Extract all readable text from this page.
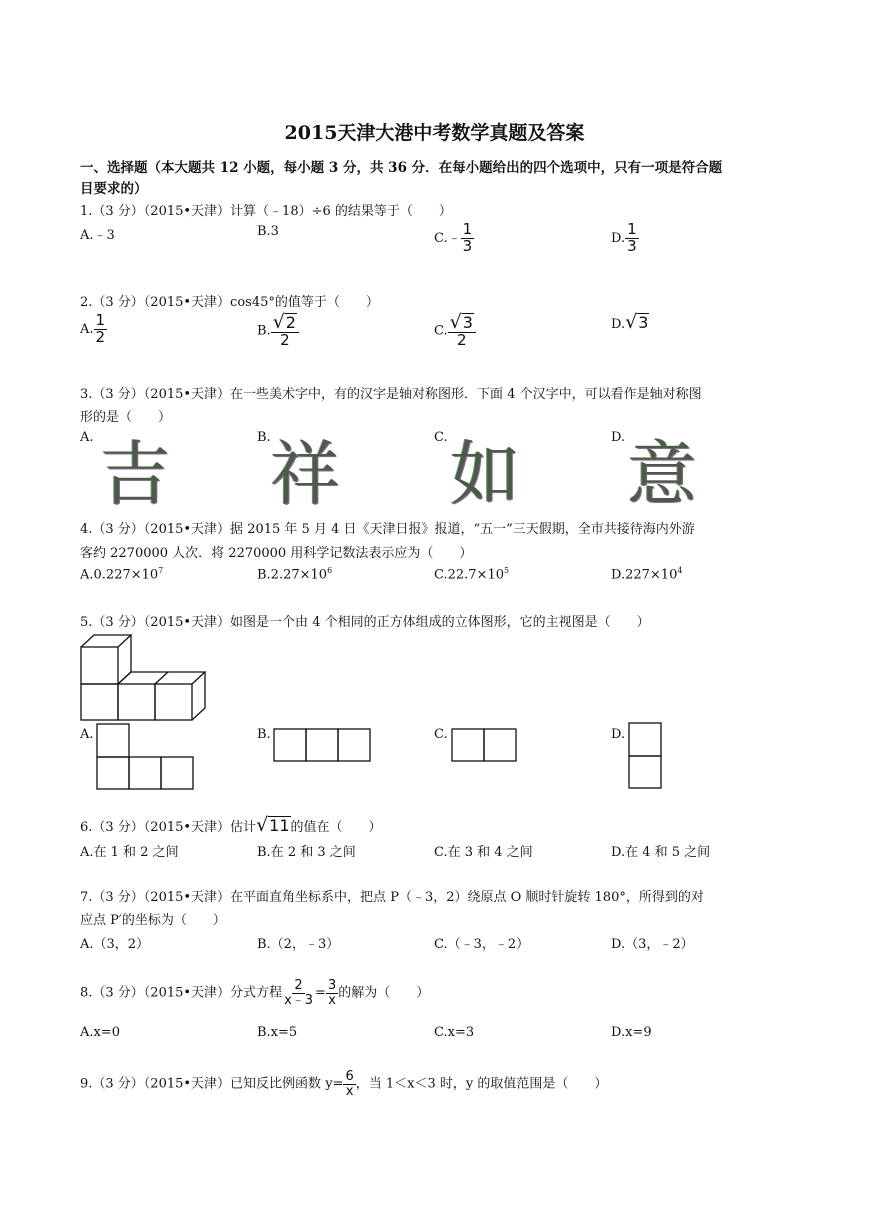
2015天津大港中考数学真题及答案
一、选择题（本大题共 12 小题，每小题 3 分，共 36 分．在每小题给出的四个选项中，只有一项是符合题
目要求的）
1.（3 分）（2015•天津）计算（﹣18）÷6 的结果等于（　　）
A.﹣3	B.3	C.﹣ $\frac{1}{3}$	D. $\frac{1}{3}$
2.（3 分）（2015•天津）cos45°的值等于（　　）
A. $\frac{1}{2}$	B. $\frac{√ 2}{2}$	C. $\frac{√ 3}{2}$	D. √ 3
3.（3 分）（2015•天津）在一些美术字中，有的汉字是轴对称图形．下面 4 个汉字中，可以看作是轴对称图
形的是（　　）
A.	B.	C.	D.
吉 祥 如 意
4.（3 分）（2015•天津）据 2015 年 5 月 4 日《天津日报》报道，“五一”三天假期，全市共接待海内外游
客约 2270000 人次．将 2270000 用科学记数法表示应为（　　）
$A.0.227\times 10^7$	$B.2.27\times 10^6$	$C.22.7\times 10^5$	$D.227\times 10^4$
5.（3 分）（2015•天津）如图是一个由 4 个相同的正方体组成的立体图形，它的主视图是（　　）
A.	B.	C.	D.
6.（3 分）（2015•天津）估计 √ 11 的值在（　　）
A.在 1 和 2 之间	B.在 2 和 3 之间	C.在 3 和 4 之间	D.在 4 和 5 之间
7.（3 分）（2015•天津）在平面直角坐标系中，把点 P（﹣3，2）绕原点 O 顺时针旋转 180°，所得到的对
应点 P′的坐标为（　　）
A.（3，2）	B.（2，﹣3）	C.（﹣3，﹣2）	D.（3，﹣2）
8.（3 分）（2015•天津）分式方程 $\frac{2}{x﹣3} = \frac{3}{x}$ 的解为（　　）
A.x=0	B.x=5	C.x=3	D.x=9
9.（3 分）（2015•天津）已知反比例函数 $y= \frac{6}{x}$ ，当 1＜x＜3 时，y 的取值范围是（　　）
